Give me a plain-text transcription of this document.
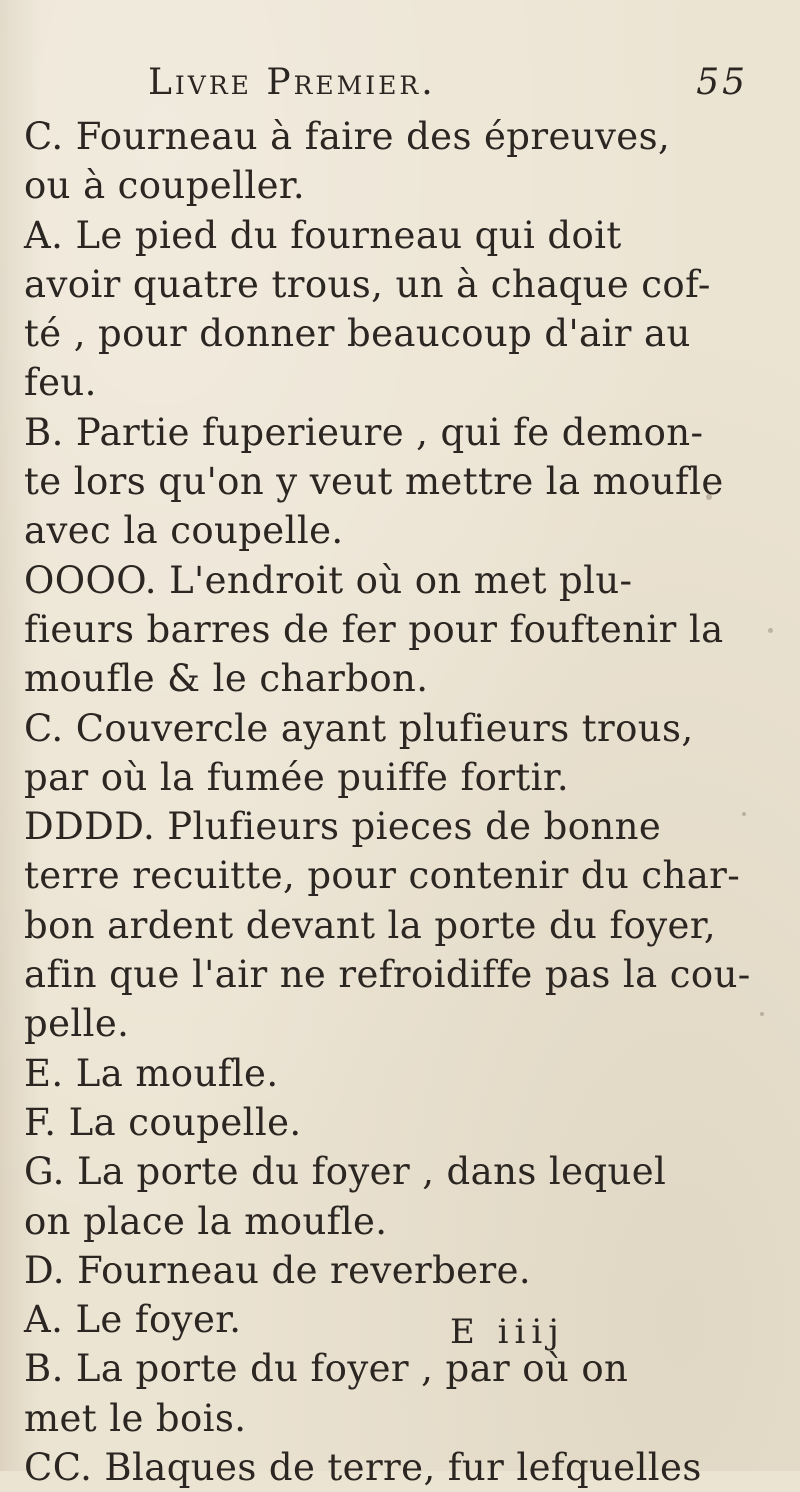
Livre Premier.	55
C. Fourneau à faire des épreuves,
ou à coupeller.
A. Le pied du fourneau qui doit
avoir quatre trous, un à chaque cof-
té , pour donner beaucoup d'air au
feu.
B. Partie fuperieure , qui fe demon-
te lors qu'on y veut mettre la moufle
avec la coupelle.
OOOO. L'endroit où on met plu-
fieurs barres de fer pour fouftenir la
moufle & le charbon.
C. Couvercle ayant plufieurs trous,
par où la fumée puiffe fortir.
DDDD. Plufieurs pieces de bonne
terre recuitte, pour contenir du char-
bon ardent devant la porte du foyer,
afin que l'air ne refroidiffe pas la cou-
pelle.
E. La moufle.
F. La coupelle.
G. La porte du foyer , dans lequel
on place la moufle.
D. Fourneau de reverbere.
A. Le foyer.
B. La porte du foyer , par où on
met le bois.
CC. Blaques de terre, fur lefquelles
E iiij
